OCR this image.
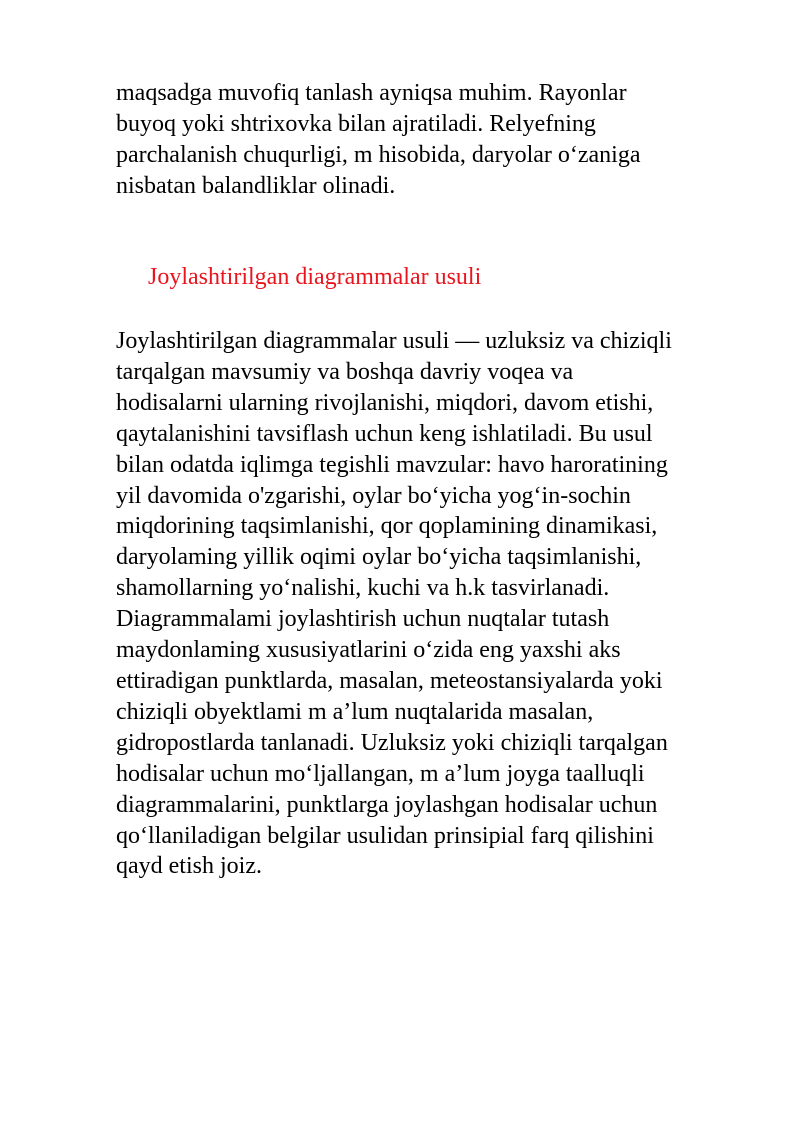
maqsadga muvofiq tanlash ayniqsa muhim. Rayonlar
buyoq yoki shtrixovka bilan ajratiladi. Relyefning
parchalanish chuqurligi, m hisobida, daryolar o‘zaniga
nisbatan balandliklar olinadi.

Joylashtirilgan diagrammalar usuli

Joylashtirilgan diagrammalar usuli — uzluksiz va chiziqli
tarqalgan mavsumiy va boshqa davriy voqea va
hodisalarni ularning rivojlanishi, miqdori, davom etishi,
qaytalanishini tavsiflash uchun keng ishlatiladi. Bu usul
bilan odatda iqlimga tegishli mavzular: havo haroratining
yil davomida o'zgarishi, oylar bo‘yicha yog‘in-sochin
miqdorining taqsimlanishi, qor qoplamining dinamikasi,
daryolaming yillik oqimi oylar bo‘yicha taqsimlanishi,
shamollarning yo‘nalishi, kuchi va h.k tasvirlanadi.
Diagrammalami joylashtirish uchun nuqtalar tutash
maydonlaming xususiyatlarini o‘zida eng yaxshi aks
ettiradigan punktlarda, masalan, meteostansiyalarda yoki
chiziqli obyektlami m a’lum nuqtalarida masalan,
gidropostlarda tanlanadi. Uzluksiz yoki chiziqli tarqalgan
hodisalar uchun mo‘ljallangan, m a’lum joyga taalluqli
diagrammalarini, punktlarga joylashgan hodisalar uchun
qo‘llaniladigan belgilar usulidan prinsipial farq qilishini
qayd etish joiz.
